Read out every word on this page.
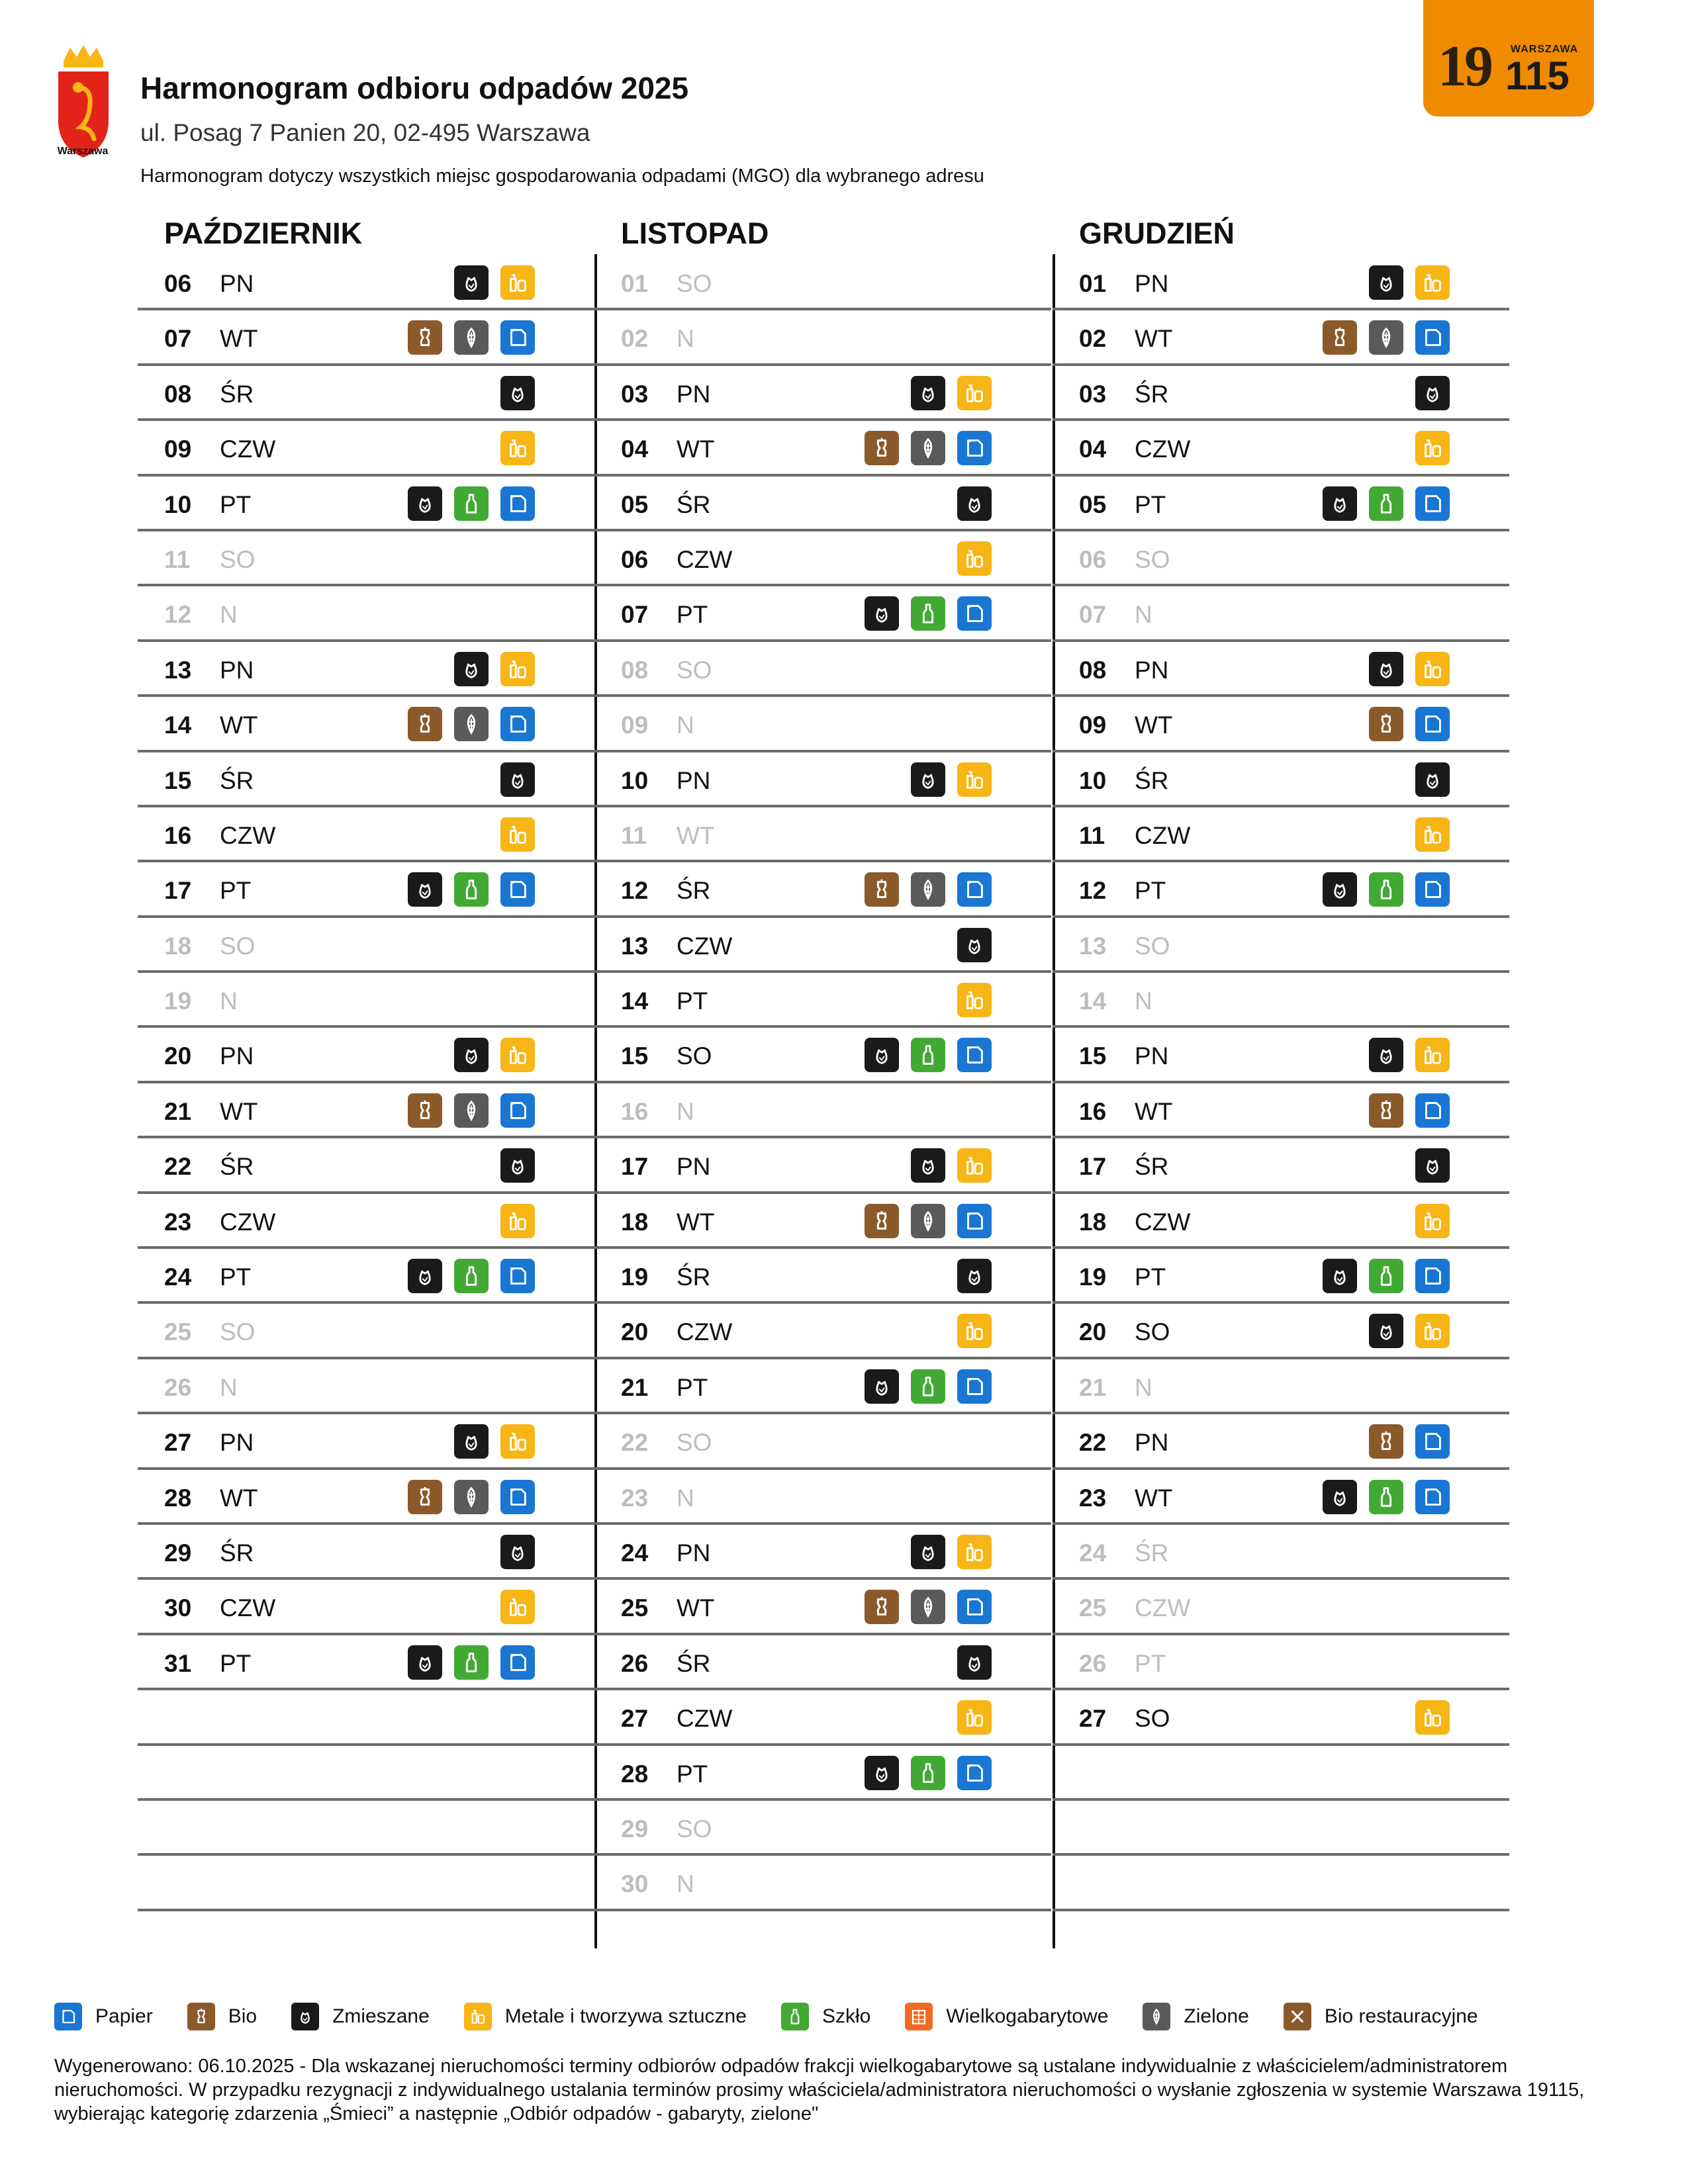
Warszawa
Harmonogram odbioru odpadów 2025
ul. Posag 7 Panien 20, 02-495 Warszawa
Harmonogram dotyczy wszystkich miejsc gospodarowania odpadami (MGO) dla wybranego adresu
19 WARSZAWA
115
PAŹDZIERNIK
06 PN
07 WT
08 ŚR
09 CZW
10 PT
11 SO
12 N
13 PN
14 WT
15 ŚR
16 CZW
17 PT
18 SO
19 N
20 PN
21 WT
22 ŚR
23 CZW
24 PT
25 SO
26 N
27 PN
28 WT
29 ŚR
30 CZW
31 PT
LISTOPAD
01 SO
02 N
03 PN
04 WT
05 ŚR
06 CZW
07 PT
08 SO
09 N
10 PN
11 WT
12 ŚR
13 CZW
14 PT
15 SO
16 N
17 PN
18 WT
19 ŚR
20 CZW
21 PT
22 SO
23 N
24 PN
25 WT
26 ŚR
27 CZW
28 PT
29 SO
30 N
GRUDZIEŃ
01 PN
02 WT
03 ŚR
04 CZW
05 PT
06 SO
07 N
08 PN
09 WT
10 ŚR
11 CZW
12 PT
13 SO
14 N
15 PN
16 WT
17 ŚR
18 CZW
19 PT
20 SO
21 N
22 PN
23 WT
24 ŚR
25 CZW
26 PT
27 SO
Papier	Bio	Zmieszane	Metale i tworzywa sztuczne	Szkło	Wielkogabarytowe	Zielone	Bio restauracyjne
Wygenerowano: 06.10.2025 - Dla wskazanej nieruchomości terminy odbiorów odpadów frakcji wielkogabarytowe są ustalane indywidualnie z właścicielem/administratorem nieruchomości. W przypadku rezygnacji z indywidualnego ustalania terminów prosimy właściciela/administratora nieruchomości o wysłanie zgłoszenia w systemie Warszawa 19115, wybierając kategorię zdarzenia „Śmieci” a następnie „Odbiór odpadów - gabaryty, zielone"
